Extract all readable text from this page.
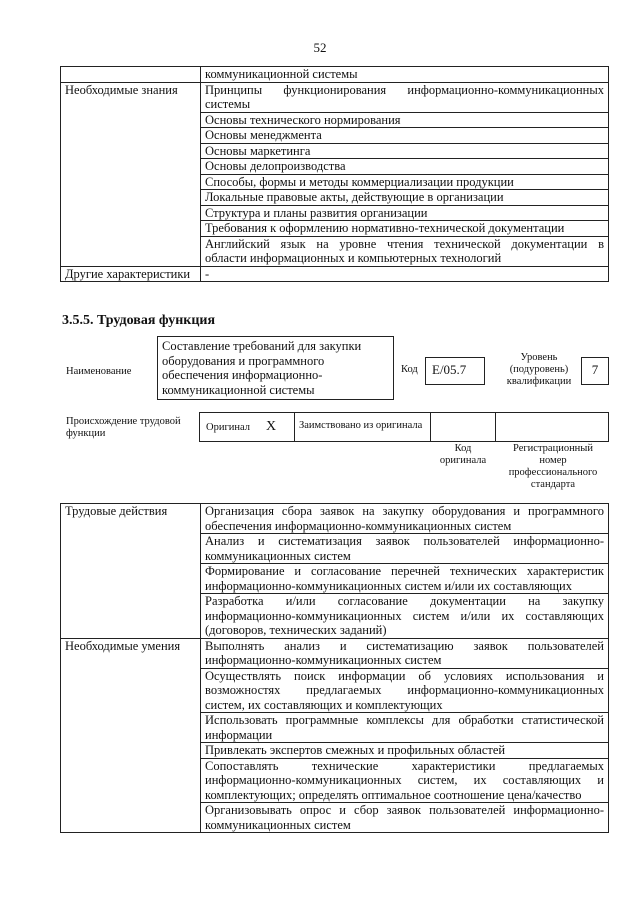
52
	коммуникационной системы
Необходимые знания	Принципы функционирования информационно-коммуникационных
системы

	Основы технического нормирования

	Основы менеджмента

	Основы маркетинга

	Основы делопроизводства

	Способы, формы и методы коммерциализации продукции

	Локальные правовые акты, действующие в организации

	Структура и планы развития организации

	Требования к оформлению нормативно-технической документации

	Английский язык на уровне чтения технической документации в
области информационных и компьютерных технологий

Другие характеристики	-
3.5.5. Трудовая функция
Наименование
Составление требований для закупки оборудования и программного обеспечения информационно-коммуникационной системы
Код	E/05.7
Уровень (подуровень) квалификации
7
Происхождение трудовой функции
Оригинал X	Заимствовано из оригинала
Код оригинала
Регистрационный номер профессионального стандарта
Трудовые действия	Организация сбора заявок на закупку оборудования и программного
обеспечения информационно-коммуникационных систем

	Анализ и систематизация заявок пользователей информационно-
коммуникационных систем

	Формирование и согласование перечней технических характеристик
информационно-коммуникационных систем и/или их составляющих

	Разработка и/или согласование документации на закупку
информационно-коммуникационных систем и/или их составляющих
(договоров, технических заданий)

Необходимые умения	Выполнять анализ и систематизацию заявок пользователей
информационно-коммуникационных систем

	Осуществлять поиск информации об условиях использования и
возможностях предлагаемых информационно-коммуникационных
систем, их составляющих и комплектующих

	Использовать программные комплексы для обработки статистической
информации

	Привлекать экспертов смежных и профильных областей

	Сопоставлять технические характеристики предлагаемых
информационно-коммуникационных систем, их составляющих и
комплектующих; определять оптимальное соотношение цена/качество

	Организовывать опрос и сбор заявок пользователей информационно-
коммуникационных систем
